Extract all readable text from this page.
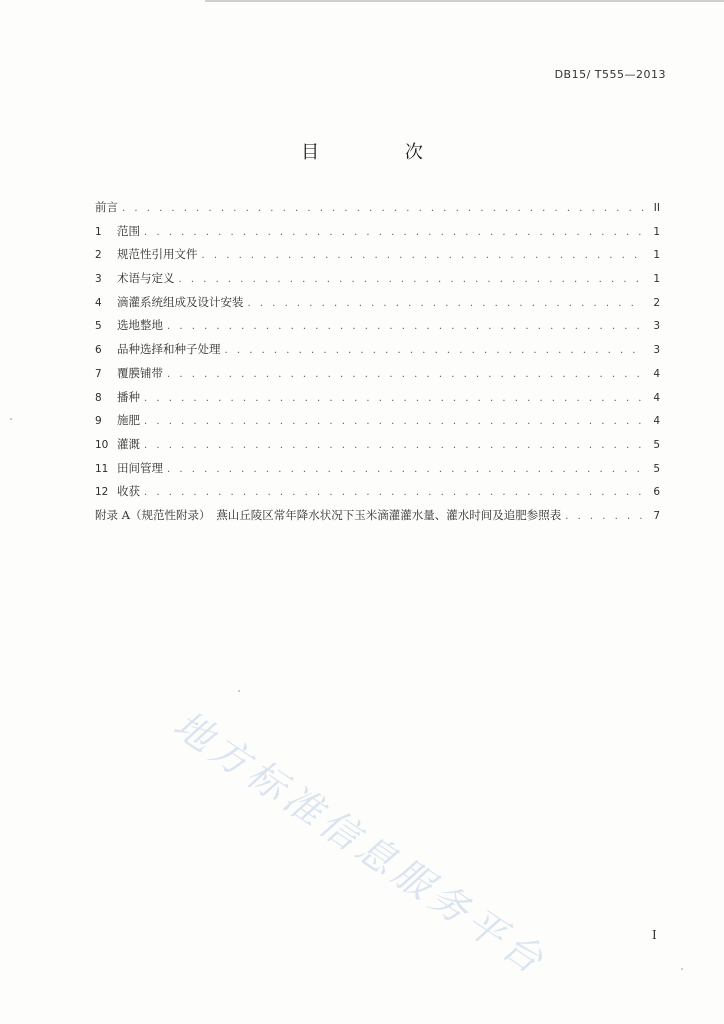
DB15/ T555—2013
目 次
前言 . . .	II
1	范围 . . .	1
2	规范性引用文件 . . .	1
3	术语与定义 . . .	1
4	滴灌系统组成及设计安装 . . .	2
5	选地整地 . . .	3
6	品种选择和种子处理 . . .	3
7	覆膜铺带 . . .	4
8	播种 . . .	4
9	施肥 . . .	4
10 灌溉 . . .	5
11 田间管理 . . .	5
12 收获 . . .	6
附录 A（规范性附录）　燕山丘陵区常年降水状况下玉米滴灌灌水量、灌水时间及追肥参照表 . . .	7
地方标准信息服务平台	I
